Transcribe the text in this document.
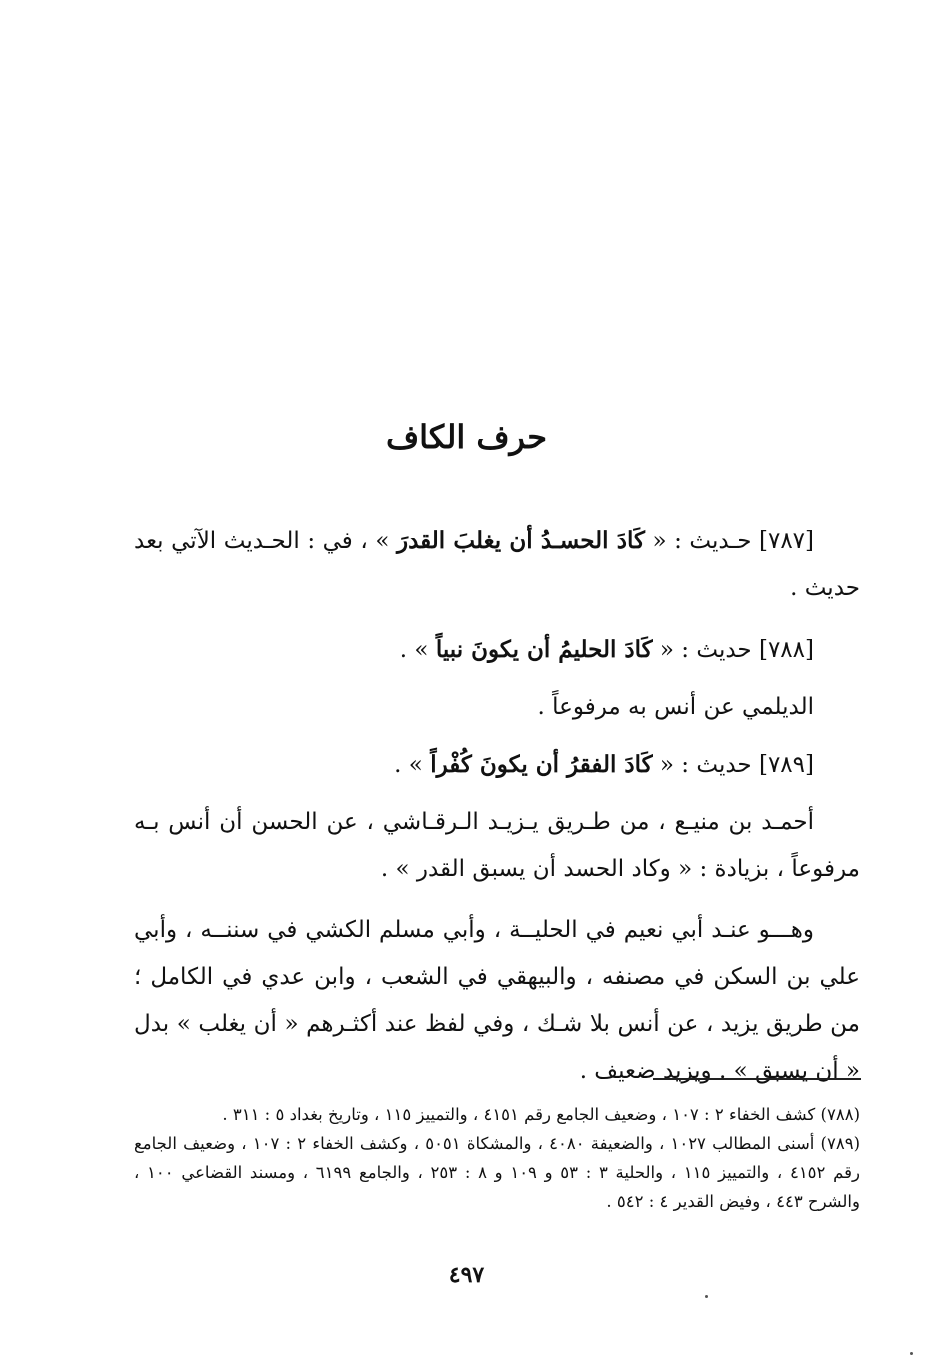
حرف الكاف

[٧٨٧] حـديث : « كَادَ الحسـدُ أن يغلبَ القدرَ » ، في : الحـديث الآتي بعد حديث .

[٧٨٨] حديث : « كَادَ الحليمُ أن يكونَ نبياً » .

الديلمي عن أنس به مرفوعاً .

[٧٨٩] حديث : « كَادَ الفقرُ أن يكونَ كُفْراً » .

أحمـد بن منيـع ، من طـريق يـزيـد الـرقـاشي ، عن الحسن أن أنس بـه مرفوعاً ، بزيادة : « وكاد الحسد أن يسبق القدر » .

وهـــو عنـد أبي نعيم في الحليــة ، وأبي مسلم الكشي في سننــه ، وأبي علي بن السكن في مصنفه ، والبيهقي في الشعب ، وابن عدي في الكامل ؛ من طريق يزيد ، عن أنس بلا شـك ، وفي لفظ عند أكثـرهم « أن يغلب » بدل « أن يسبق » . ويزيد ضعيف .

(٧٨٨) كشف الخفاء ٢ : ١٠٧ ، وضعيف الجامع رقم ٤١٥١ ، والتمييز ١١٥ ، وتاريخ بغداد ٥ : ٣١١ .

(٧٨٩) أسنى المطالب ١٠٢٧ ، والضعيفة ٤٠٨٠ ، والمشكاة ٥٠٥١ ، وكشف الخفاء ٢ : ١٠٧ ، وضعيف الجامع رقم ٤١٥٢ ، والتمييز ١١٥ ، والحلية ٣ : ٥٣ و ١٠٩ و ٨ : ٢٥٣ ، والجامع ٦١٩٩ ، ومسند القضاعي ١٠٠ ، والشرح ٤٤٣ ، وفيض القدير ٤ : ٥٤٢ .

٤٩٧
